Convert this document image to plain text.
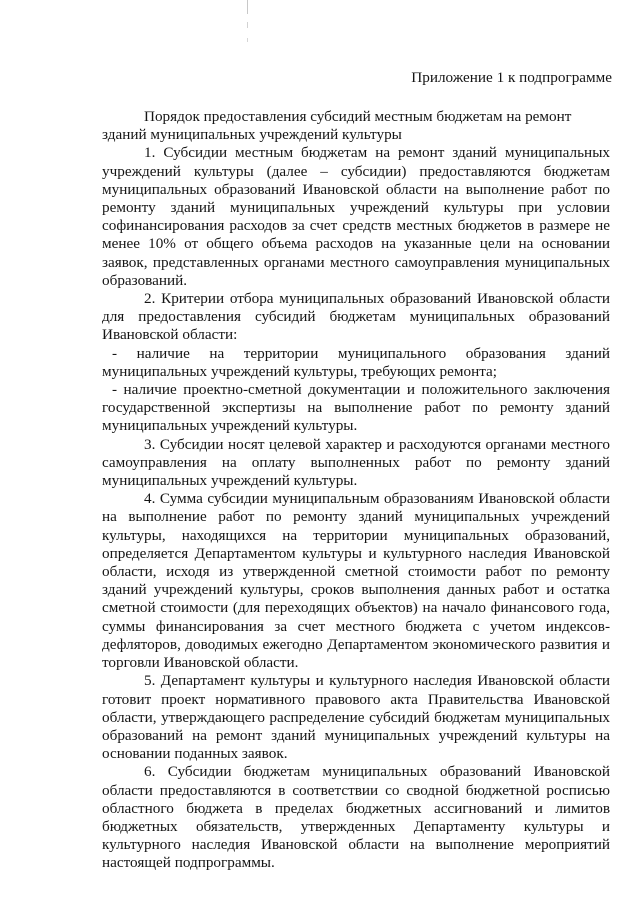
Приложение 1 к подпрограмме

Порядок предоставления субсидий местным бюджетам на ремонт зданий муниципальных учреждений культуры

1. Субсидии местным бюджетам на ремонт зданий муниципальных учреждений культуры (далее – субсидии) предоставляются бюджетам муниципальных образований Ивановской области на выполнение работ по ремонту зданий муниципальных учреждений культуры при условии софинансирования расходов за счет средств местных бюджетов в размере не менее 10% от общего объема расходов на указанные цели на основании заявок, представленных органами местного самоуправления муниципальных образований.

2. Критерии отбора муниципальных образований Ивановской области для предоставления субсидий бюджетам муниципальных образований Ивановской области:

- наличие на территории муниципального образования зданий муниципальных учреждений культуры, требующих ремонта;

- наличие проектно-сметной документации и положительного заключения государственной экспертизы на выполнение работ по ремонту зданий муниципальных учреждений культуры.

3. Субсидии носят целевой характер и расходуются органами местного самоуправления на оплату выполненных работ по ремонту зданий муниципальных учреждений культуры.

4. Сумма субсидии муниципальным образованиям Ивановской области на выполнение работ по ремонту зданий муниципальных учреждений культуры, находящихся на территории муниципальных образований, определяется Департаментом культуры и культурного наследия Ивановской области, исходя из утвержденной сметной стоимости работ по ремонту зданий учреждений культуры, сроков выполнения данных работ и остатка сметной стоимости (для переходящих объектов) на начало финансового года, суммы финансирования за счет местного бюджета с учетом индексов-дефляторов, доводимых ежегодно Департаментом экономического развития и торговли Ивановской области.

5. Департамент культуры и культурного наследия Ивановской области готовит проект нормативного правового акта Правительства Ивановской области, утверждающего распределение субсидий бюджетам муниципальных образований на ремонт зданий муниципальных учреждений культуры на основании поданных заявок.

6. Субсидии бюджетам муниципальных образований Ивановской области предоставляются в соответствии со сводной бюджетной росписью областного бюджета в пределах бюджетных ассигнований и лимитов бюджетных обязательств, утвержденных Департаменту культуры и культурного наследия Ивановской области на выполнение мероприятий настоящей подпрограммы.
